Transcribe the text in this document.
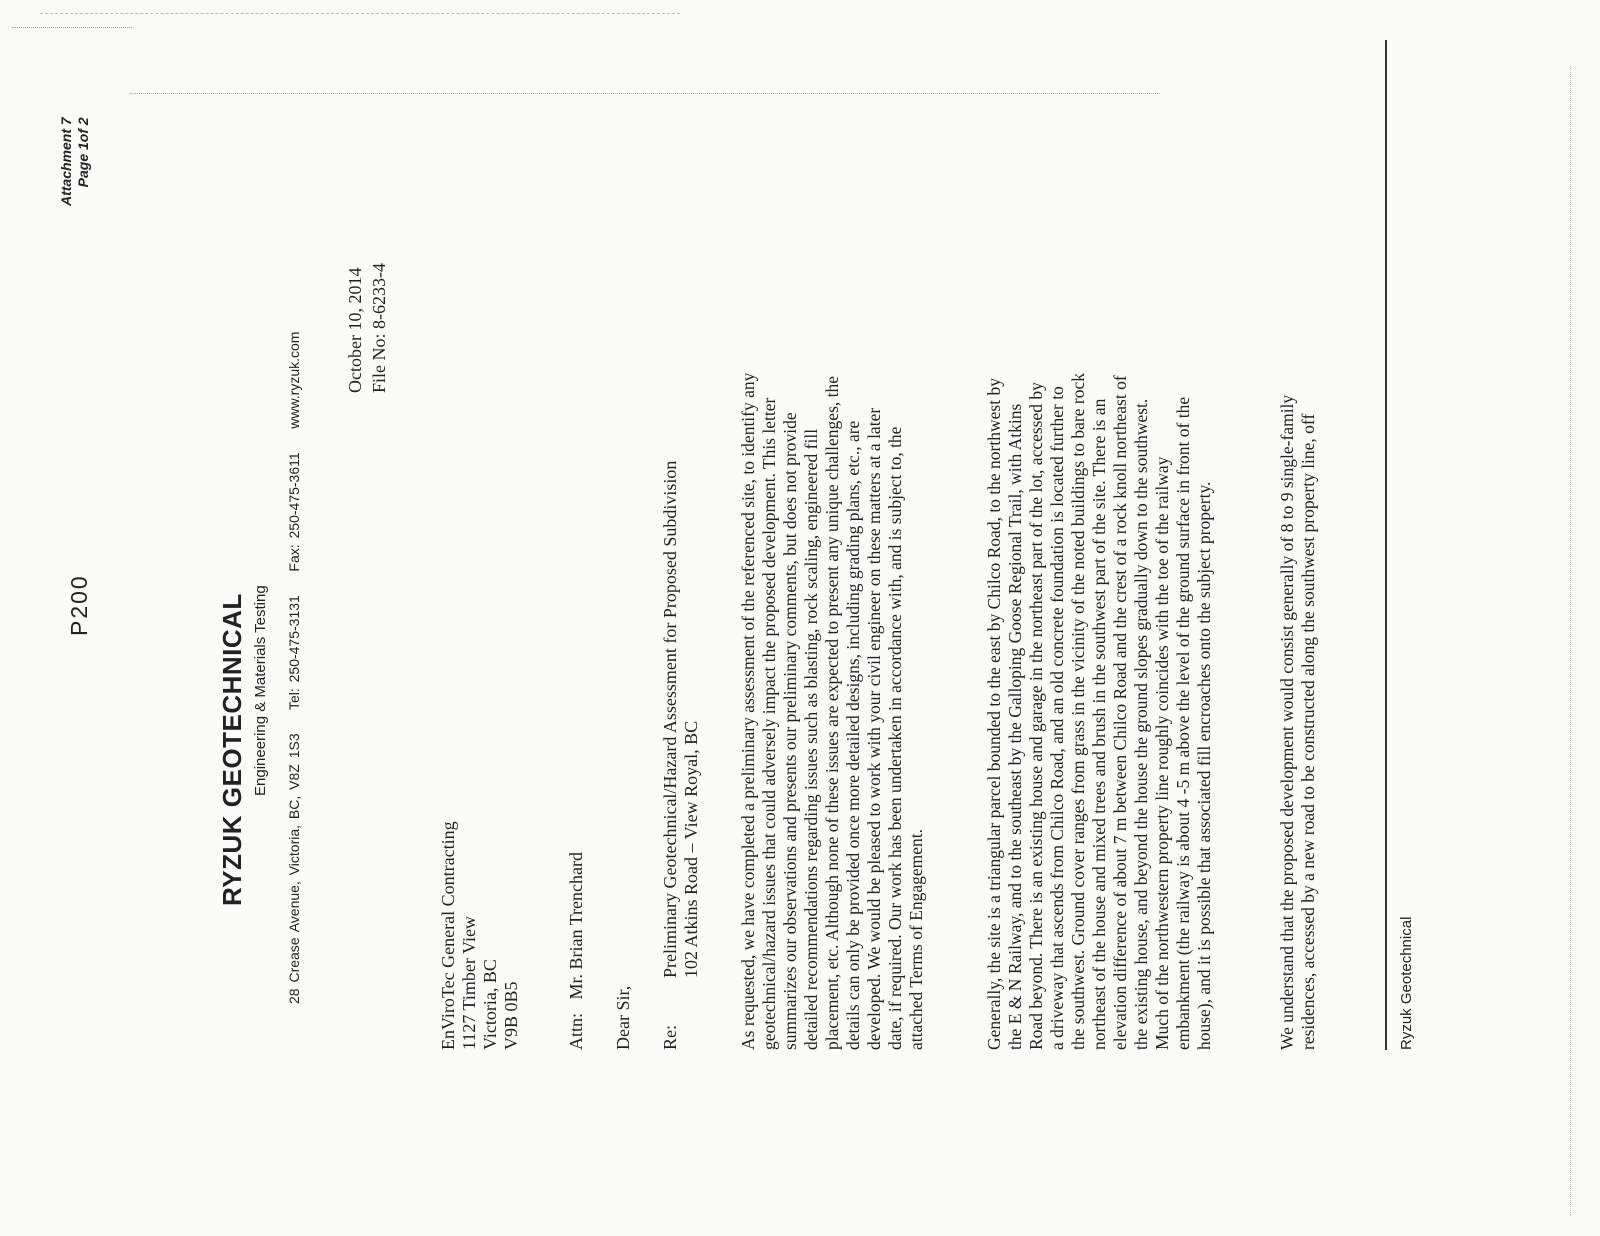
P200
Attachment 7 Page 1of 2
RYZUK GEOTECHNICAL Engineering & Materials Testing
28 Crease Avenue, Victoria, BC, V8Z 1S3    Tel: 250-475-3131    Fax: 250-475-3611    www.ryzuk.com October 10, 2014 File No: 8-6233-4
EnViroTec General Contracting 1127 Timber View Victoria, BC V9B 0B5	Attn:   Mr. Brian Trenchard
Dear Sir, Re:
Preliminary Geotechnical/Hazard Assessment for Proposed Subdivision 102 Atkins Road – View Royal, BC As requested, we have completed a preliminary assessment of the referenced site, to identify any geotechnical/hazard issues that could adversely impact the proposed development. This letter summarizes our observations and presents our preliminary comments, but does not provide detailed recommendations regarding issues such as blasting, rock scaling, engineered fill placement, etc. Although none of these issues are expected to present any unique challenges, the details can only be provided once more detailed designs, including grading plans, etc., are developed. We would be pleased to work with your civil engineer on these matters at a later date, if required. Our work has been undertaken in accordance with, and is subject to, the attached Terms of Engagement.	Generally, the site is a triangular parcel bounded to the east by Chilco Road, to the northwest by the E & N Railway, and to the southeast by the Galloping Goose Regional Trail, with Atkins Road beyond. There is an existing house and garage in the northeast part of the lot, accessed by a driveway that ascends from Chilco Road, and an old concrete foundation is located further to the southwest. Ground cover ranges from grass in the vicinity of the noted buildings to bare rock northeast of the house and mixed trees and brush in the southwest part of the site. There is an elevation difference of about 7 m between Chilco Road and the crest of a rock knoll northeast of the existing house, and beyond the house the ground slopes gradually down to the southwest. Much of the northwestern property line roughly coincides with the toe of the railway embankment (the railway is about 4 -5 m above the level of the ground surface in front of the house), and it is possible that associated fill encroaches onto the subject property.	We understand that the proposed development would consist generally of 8 to 9 single-family residences, accessed by a new road to be constructed along the southwest property line, off	Ryzuk Geotechnical
